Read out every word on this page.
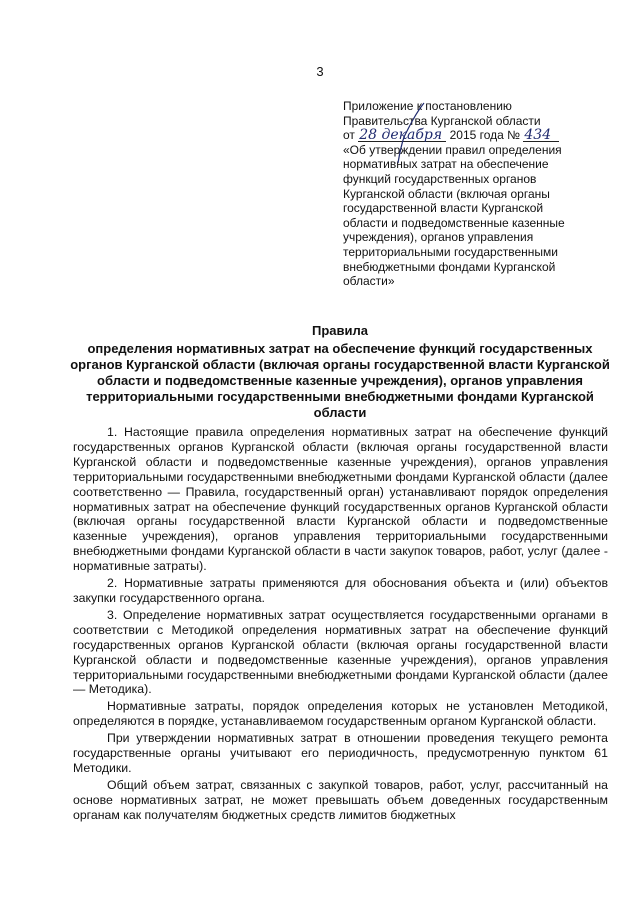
3
Приложение к постановлению
Правительства Курганской области
от 28 декабря 2015 года № 434
«Об утверждении правил определения
нормативных затрат на обеспечение
функций государственных органов
Курганской области (включая органы
государственной власти Курганской
области и подведомственные казенные
учреждения), органов управления
территориальными государственными
внебюджетными фондами Курганской
области»
Правила
определения нормативных затрат на обеспечение функций государственных органов Курганской области (включая органы государственной власти Курганской области и подведомственные казенные учреждения), органов управления территориальными государственными внебюджетными фондами Курганской области

1. Настоящие правила определения нормативных затрат на обеспечение функций государственных органов Курганской области (включая органы государственной власти Курганской области и подведомственные казенные учреждения), органов управления территориальными государственными внебюджетными фондами Курганской области (далее соответственно — Правила, государственный орган) устанавливают порядок определения нормативных затрат на обеспечение функций государственных органов Курганской области (включая органы государственной власти Курганской области и подведомственные казенные учреждения), органов управления территориальными государственными внебюджетными фондами Курганской области в части закупок товаров, работ, услуг (далее - нормативные затраты).

2. Нормативные затраты применяются для обоснования объекта и (или) объектов закупки государственного органа.

3. Определение нормативных затрат осуществляется государственными органами в соответствии с Методикой определения нормативных затрат на обеспечение функций государственных органов Курганской области (включая органы государственной власти Курганской области и подведомственные казенные учреждения), органов управления территориальными государственными внебюджетными фондами Курганской области (далее — Методика).

Нормативные затраты, порядок определения которых не установлен Методикой, определяются в порядке, устанавливаемом государственным органом Курганской области.

При утверждении нормативных затрат в отношении проведения текущего ремонта государственные органы учитывают его периодичность, предусмотренную пунктом 61 Методики.

Общий объем затрат, связанных с закупкой товаров, работ, услуг, рассчитанный на основе нормативных затрат, не может превышать объем доведенных государственным органам как получателям бюджетных средств лимитов бюджетных
